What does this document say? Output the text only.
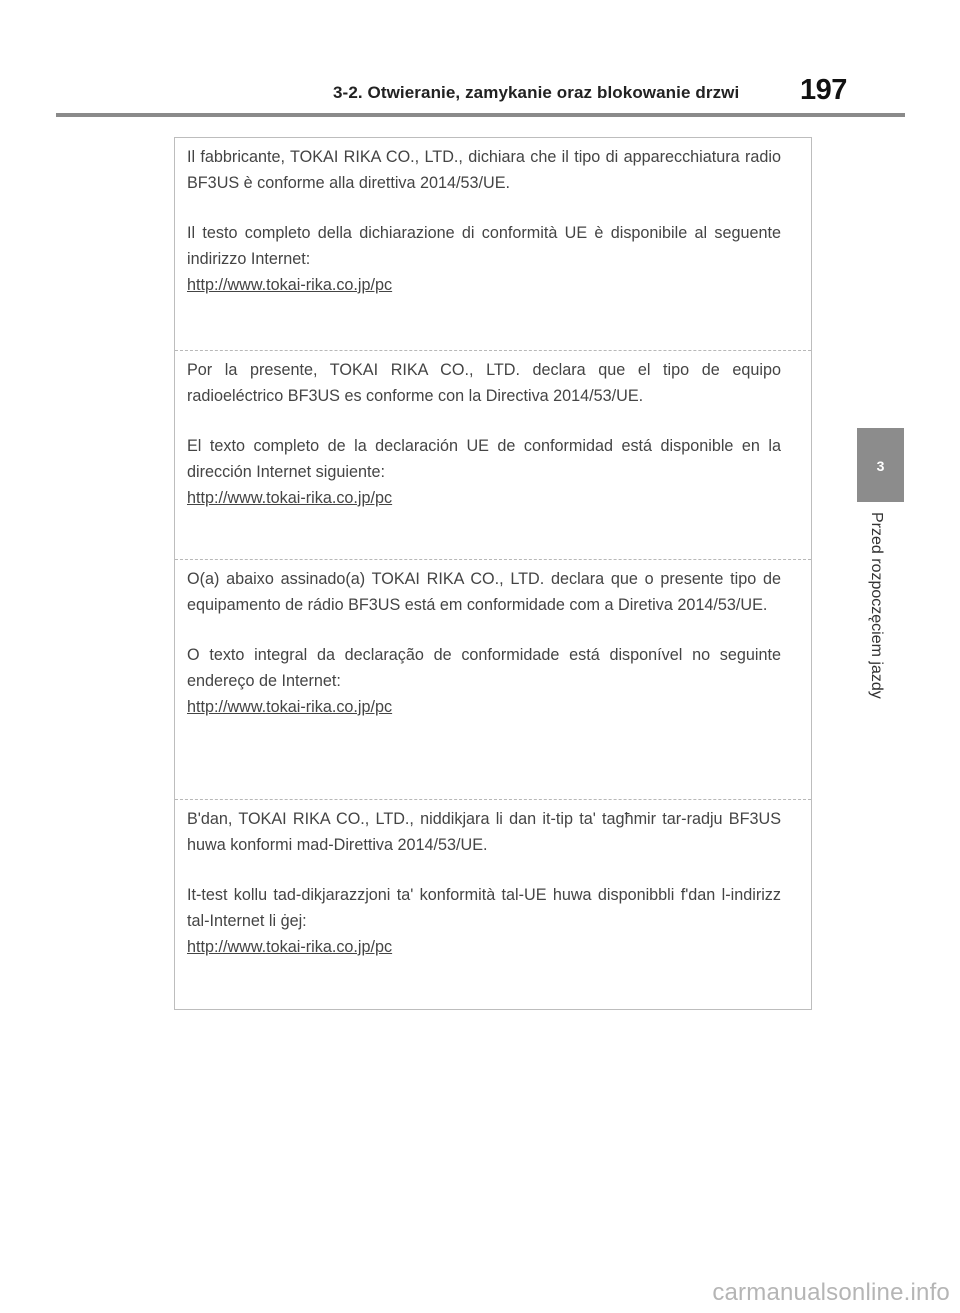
3-2. Otwieranie, zamykanie oraz blokowanie drzwi 197
3
Przed rozpoczęciem jazdy

Il fabbricante, TOKAI RIKA CO., LTD., dichiara che il tipo di apparecchiatura radio BF3US è conforme alla direttiva 2014/53/UE.

Il testo completo della dichiarazione di conformità UE è disponibile al seguente indirizzo Internet:
http://www.tokai-rika.co.jp/pc

Por la presente, TOKAI RIKA CO., LTD. declara que el tipo de equipo radioeléctrico BF3US es conforme con la Directiva 2014/53/UE.

El texto completo de la declaración UE de conformidad está disponible en la dirección Internet siguiente:
http://www.tokai-rika.co.jp/pc

O(a) abaixo assinado(a) TOKAI RIKA CO., LTD. declara que o presente tipo de equipamento de rádio BF3US está em conformidade com a Diretiva 2014/53/UE.

O texto integral da declaração de conformidade está disponível no seguinte endereço de Internet:
http://www.tokai-rika.co.jp/pc

B'dan, TOKAI RIKA CO., LTD., niddikjara li dan it-tip ta' tagħmir tar-radju BF3US huwa konformi mad-Direttiva 2014/53/UE.

It-test kollu tad-dikjarazzjoni ta' konformità tal-UE huwa disponibbli f'dan l-indirizz tal-Internet li ġej:
http://www.tokai-rika.co.jp/pc

carmanualsonline.info
